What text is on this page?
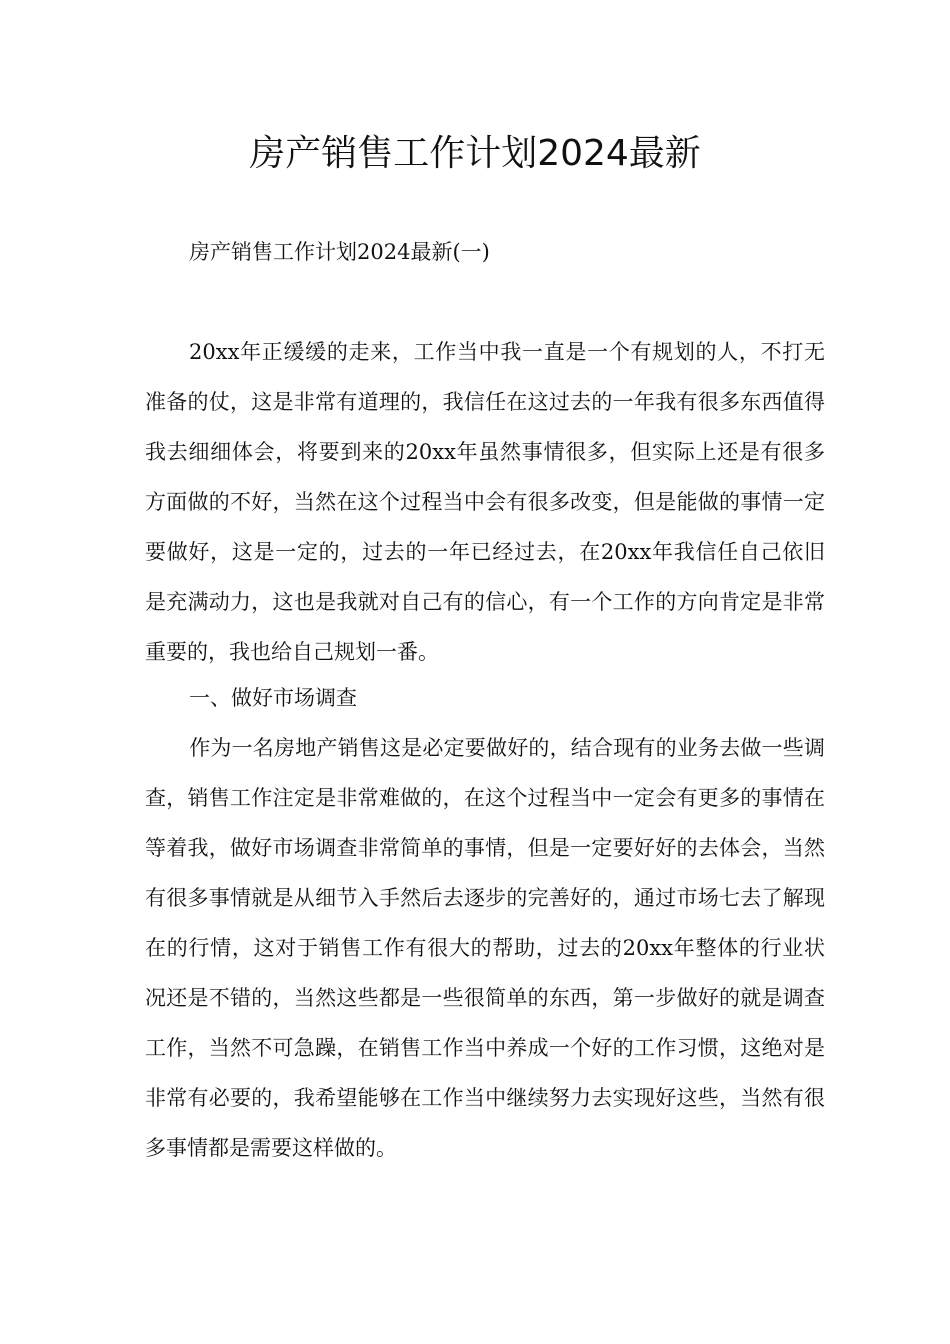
房产销售工作计划2024最新

房产销售工作计划2024最新(一)

20xx年正缓缓的走来，工作当中我一直是一个有规划的人，不打无准备的仗，这是非常有道理的，我信任在这过去的一年我有很多东西值得我去细细体会，将要到来的20xx年虽然事情很多，但实际上还是有很多方面做的不好，当然在这个过程当中会有很多改变，但是能做的事情一定要做好，这是一定的，过去的一年已经过去，在20xx年我信任自己依旧是充满动力，这也是我就对自己有的信心，有一个工作的方向肯定是非常重要的，我也给自己规划一番。

一、做好市场调查

作为一名房地产销售这是必定要做好的，结合现有的业务去做一些调查，销售工作注定是非常难做的，在这个过程当中一定会有更多的事情在等着我，做好市场调查非常简单的事情，但是一定要好好的去体会，当然有很多事情就是从细节入手然后去逐步的完善好的，通过市场七去了解现在的行情，这对于销售工作有很大的帮助，过去的20xx年整体的行业状况还是不错的，当然这些都是一些很简单的东西，第一步做好的就是调查工作，当然不可急躁，在销售工作当中养成一个好的工作习惯，这绝对是非常有必要的，我希望能够在工作当中继续努力去实现好这些，当然有很多事情都是需要这样做的。
